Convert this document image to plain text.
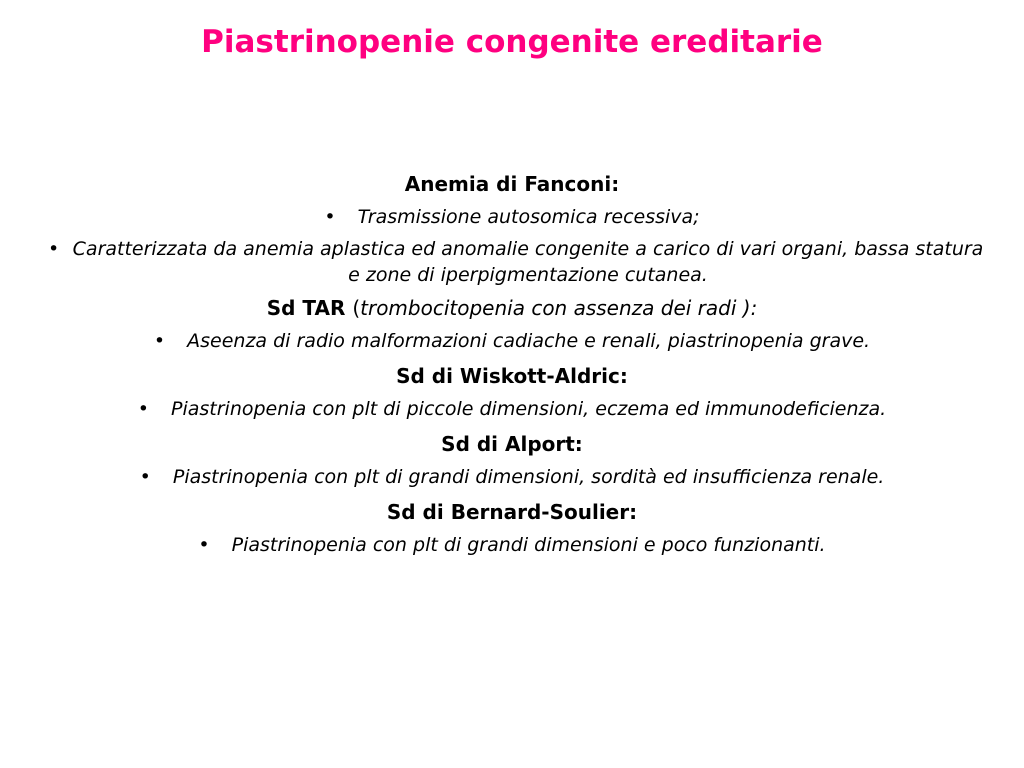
Piastrinopenie congenite ereditarie

Anemia di Fanconi:

• Trasmissione autosomica recessiva;
• Caratterizzata da anemia aplastica ed anomalie congenite a carico di vari organi, bassa statura e zone di iperpigmentazione cutanea.

Sd TAR (trombocitopenia con assenza dei radi ):

• Aseenza di radio malformazioni cadiache e renali, piastrinopenia grave.

Sd di Wiskott-Aldric:

• Piastrinopenia con plt di piccole dimensioni, eczema ed immunodeficienza.

Sd di Alport:

• Piastrinopenia con plt di grandi dimensioni, sordità ed insufficienza renale.

Sd di Bernard-Soulier:

• Piastrinopenia con plt di grandi dimensioni e poco funzionanti.
